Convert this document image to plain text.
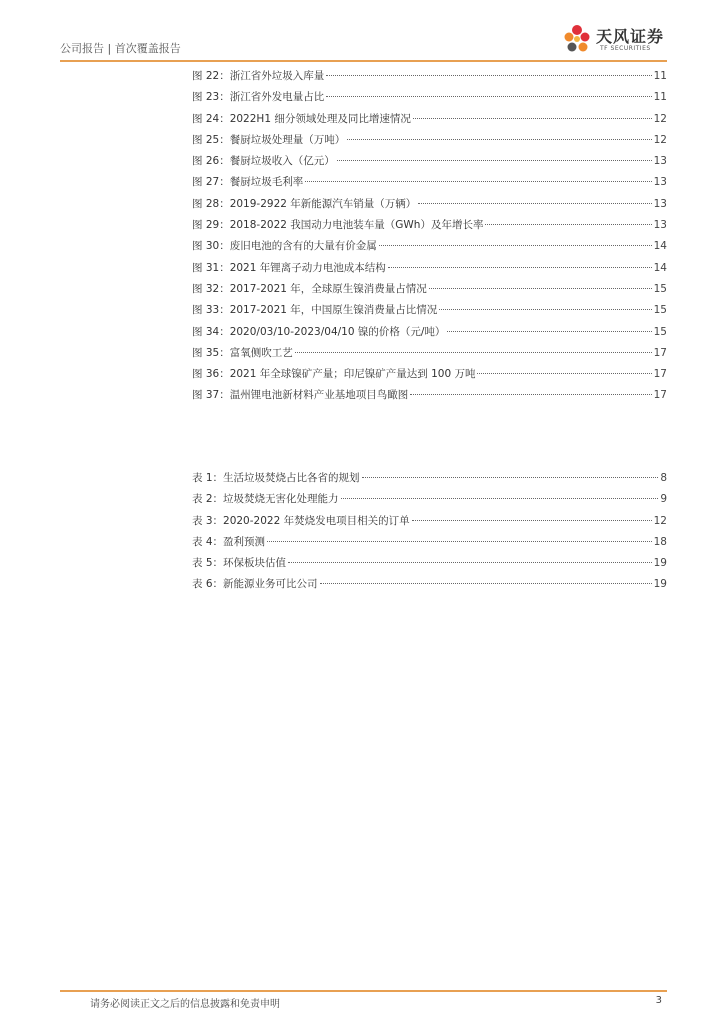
公司报告 | 首次覆盖报告
天风证券
TF SECURITIES
图 22：浙江省外垃圾入库量	11
图 23：浙江省外发电量占比	11
图 24：2022H1 细分领域处理及同比增速情况	12
图 25：餐厨垃圾处理量（万吨）	12
图 26：餐厨垃圾收入（亿元）	13
图 27：餐厨垃圾毛利率	13
图 28：2019-2922 年新能源汽车销量（万辆）	13
图 29：2018-2022 我国动力电池装车量（GWh）及年增长率	13
图 30：废旧电池的含有的大量有价金属	14
图 31：2021 年锂离子动力电池成本结构	14
图 32：2017-2021 年，全球原生镍消费量占情况	15
图 33：2017-2021 年，中国原生镍消费量占比情况	15
图 34：2020/03/10-2023/04/10 镍的价格（元/吨）	15
图 35：富氧侧吹工艺	17
图 36：2021 年全球镍矿产量；印尼镍矿产量达到 100 万吨	17
图 37：温州锂电池新材料产业基地项目鸟瞰图	17
表 1：生活垃圾焚烧占比各省的规划	8
表 2：垃圾焚烧无害化处理能力	9
表 3：2020-2022 年焚烧发电项目相关的订单	12
表 4：盈利预测	18
表 5：环保板块估值	19
表 6：新能源业务可比公司	19
请务必阅读正文之后的信息披露和免责申明	3
